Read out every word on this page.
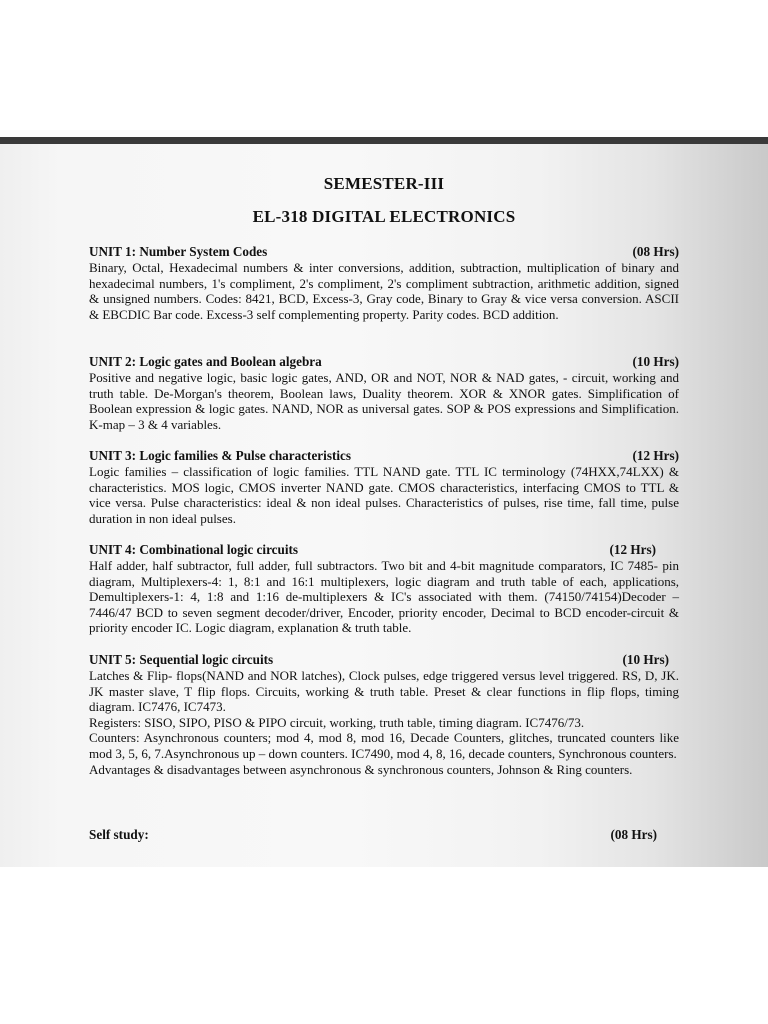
SEMESTER-III
EL-318 DIGITAL ELECTRONICS
UNIT 1: Number System Codes	(08 Hrs)

Binary, Octal, Hexadecimal numbers & inter conversions, addition, subtraction, multiplication of binary and hexadecimal numbers, 1's compliment, 2's compliment, 2's compliment subtraction, arithmetic addition, signed & unsigned numbers. Codes: 8421, BCD, Excess-3, Gray code, Binary to Gray & vice versa conversion. ASCII & EBCDIC Bar code. Excess-3 self complementing property. Parity codes. BCD addition.

UNIT 2: Logic gates and Boolean algebra	(10 Hrs)

Positive and negative logic, basic logic gates, AND, OR and NOT, NOR & NAD gates, - circuit, working and truth table. De-Morgan's theorem, Boolean laws, Duality theorem. XOR & XNOR gates. Simplification of Boolean expression & logic gates. NAND, NOR as universal gates. SOP & POS expressions and Simplification. K-map – 3 & 4 variables.

UNIT 3: Logic families & Pulse characteristics	(12 Hrs)

Logic families – classification of logic families. TTL NAND gate. TTL IC terminology (74HXX,74LXX) & characteristics. MOS logic, CMOS inverter NAND gate. CMOS characteristics, interfacing CMOS to TTL & vice versa. Pulse characteristics: ideal & non ideal pulses. Characteristics of pulses, rise time, fall time, pulse duration in non ideal pulses.

UNIT 4: Combinational logic circuits	(12 Hrs)

Half adder, half subtractor, full adder, full subtractors. Two bit and 4-bit magnitude comparators, IC 7485- pin diagram, Multiplexers-4: 1, 8:1 and 16:1 multiplexers, logic diagram and truth table of each, applications, Demultiplexers-1: 4, 1:8 and 1:16 de-multiplexers & IC's associated with them. (74150/74154)Decoder – 7446/47 BCD to seven segment decoder/driver, Encoder, priority encoder, Decimal to BCD encoder-circuit & priority encoder IC. Logic diagram, explanation & truth table.

UNIT 5: Sequential logic circuits	(10 Hrs)

Latches & Flip- flops(NAND and NOR latches), Clock pulses, edge triggered versus level triggered. RS, D, JK. JK master slave, T flip flops. Circuits, working & truth table. Preset & clear functions in flip flops, timing diagram. IC7476, IC7473.

Registers: SISO, SIPO, PISO & PIPO circuit, working, truth table, timing diagram. IC7476/73.

Counters: Asynchronous counters; mod 4, mod 8, mod 16, Decade Counters, glitches, truncated counters like mod 3, 5, 6, 7.Asynchronous up – down counters. IC7490, mod 4, 8, 16, decade counters, Synchronous counters.

Advantages & disadvantages between asynchronous & synchronous counters, Johnson & Ring counters.

Self study:	(08 Hrs)
